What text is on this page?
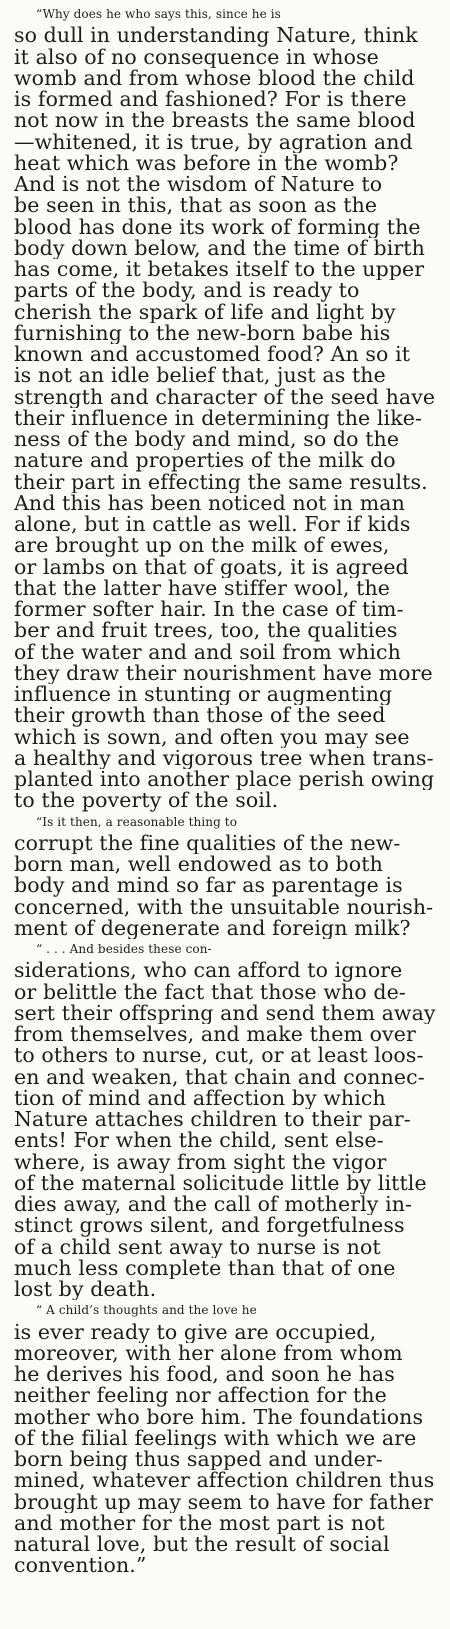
“Why does he who says this, since he is
so dull in understanding Nature, think
it also of no consequence in whose
womb and from whose blood the child
is formed and fashioned? For is there
not now in the breasts the same blood
—whitened, it is true, by agration and
heat which was before in the womb?
And is not the wisdom of Nature to
be seen in this, that as soon as the
blood has done its work of forming the
body down below, and the time of birth
has come, it betakes itself to the upper
parts of the body, and is ready to
cherish the spark of life and light by
furnishing to the new-born babe his
known and accustomed food? An so it
is not an idle belief that, just as the
strength and character of the seed have
their influence in determining the like-
ness of the body and mind, so do the
nature and properties of the milk do
their part in effecting the same results.
And this has been noticed not in man
alone, but in cattle as well. For if kids
are brought up on the milk of ewes,
or lambs on that of goats, it is agreed
that the latter have stiffer wool, the
former softer hair. In the case of tim-
ber and fruit trees, too, the qualities
of the water and and soil from which
they draw their nourishment have more
influence in stunting or augmenting
their growth than those of the seed
which is sown, and often you may see
a healthy and vigorous tree when trans-
planted into another place perish owing
to the poverty of the soil.
“Is it then, a reasonable thing to
corrupt the fine qualities of the new-
born man, well endowed as to both
body and mind so far as parentage is
concerned, with the unsuitable nourish-
ment of degenerate and foreign milk?
“ . . . And besides these con-
siderations, who can afford to ignore
or belittle the fact that those who de-
sert their offspring and send them away
from themselves, and make them over
to others to nurse, cut, or at least loos-
en and weaken, that chain and connec-
tion of mind and affection by which
Nature attaches children to their par-
ents! For when the child, sent else-
where, is away from sight the vigor
of the maternal solicitude little by little
dies away, and the call of motherly in-
stinct grows silent, and forgetfulness
of a child sent away to nurse is not
much less complete than that of one
lost by death.
“ A child’s thoughts and the love he
is ever ready to give are occupied,
moreover, with her alone from whom
he derives his food, and soon he has
neither feeling nor affection for the
mother who bore him. The foundations
of the filial feelings with which we are
born being thus sapped and under-
mined, whatever affection children thus
brought up may seem to have for father
and mother for the most part is not
natural love, but the result of social
convention.”
